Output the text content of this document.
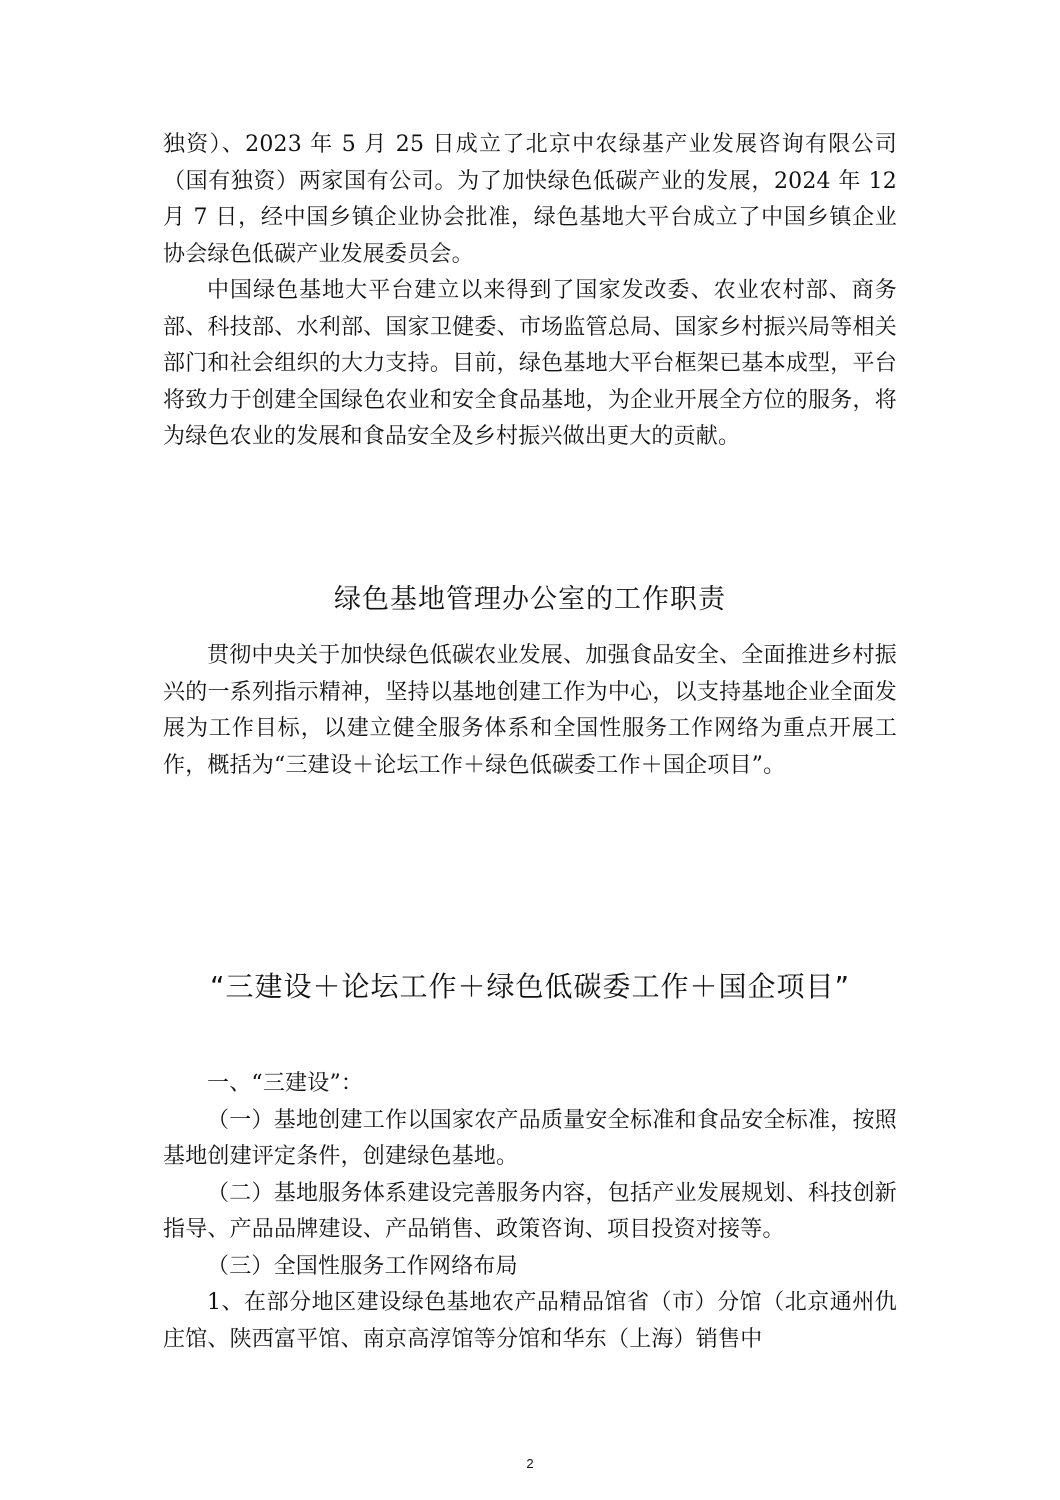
独资）、2023 年 5 月 25 日成立了北京中农绿基产业发展咨询有限公司（国有独资）两家国有公司。为了加快绿色低碳产业的发展，2024 年 12 月 7 日，经中国乡镇企业协会批准，绿色基地大平台成立了中国乡镇企业协会绿色低碳产业发展委员会。

中国绿色基地大平台建立以来得到了国家发改委、农业农村部、商务部、科技部、水利部、国家卫健委、市场监管总局、国家乡村振兴局等相关部门和社会组织的大力支持。目前，绿色基地大平台框架已基本成型，平台将致力于创建全国绿色农业和安全食品基地，为企业开展全方位的服务，将为绿色农业的发展和食品安全及乡村振兴做出更大的贡献。

绿色基地管理办公室的工作职责

贯彻中央关于加快绿色低碳农业发展、加强食品安全、全面推进乡村振兴的一系列指示精神，坚持以基地创建工作为中心，以支持基地企业全面发展为工作目标，以建立健全服务体系和全国性服务工作网络为重点开展工作，概括为“三建设＋论坛工作＋绿色低碳委工作＋国企项目”。

“三建设＋论坛工作＋绿色低碳委工作＋国企项目”

一、“三建设”：

（一）基地创建工作以国家农产品质量安全标准和食品安全标准，按照基地创建评定条件，创建绿色基地。

（二）基地服务体系建设完善服务内容，包括产业发展规划、科技创新指导、产品品牌建设、产品销售、政策咨询、项目投资对接等。

（三）全国性服务工作网络布局

1、在部分地区建设绿色基地农产品精品馆省（市）分馆（北京通州仇庄馆、陕西富平馆、南京高淳馆等分馆和华东（上海）销售中

2
